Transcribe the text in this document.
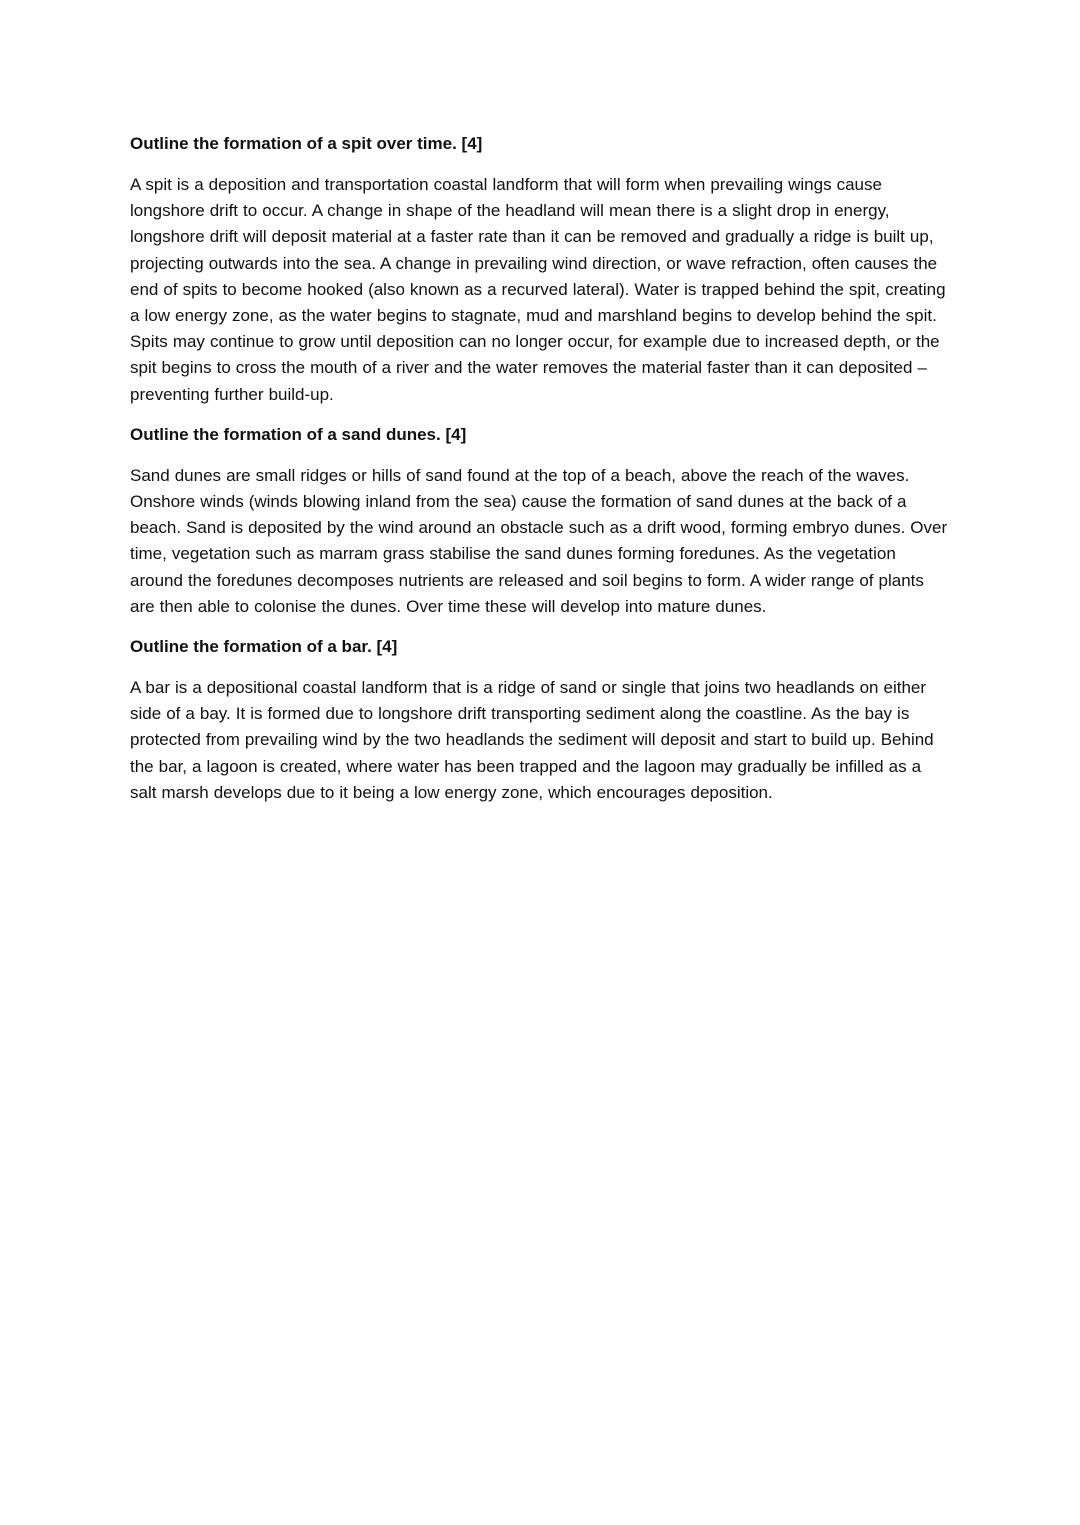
Outline the formation of a spit over time. [4]

A spit is a deposition and transportation coastal landform that will form when prevailing wings cause longshore drift to occur. A change in shape of the headland will mean there is a slight drop in energy, longshore drift will deposit material at a faster rate than it can be removed and gradually a ridge is built up, projecting outwards into the sea. A change in prevailing wind direction, or wave refraction, often causes the end of spits to become hooked (also known as a recurved lateral). Water is trapped behind the spit, creating a low energy zone, as the water begins to stagnate, mud and marshland begins to develop behind the spit. Spits may continue to grow until deposition can no longer occur, for example due to increased depth, or the spit begins to cross the mouth of a river and the water removes the material faster than it can deposited – preventing further build-up.

Outline the formation of a sand dunes. [4]

Sand dunes are small ridges or hills of sand found at the top of a beach, above the reach of the waves. Onshore winds (winds blowing inland from the sea) cause the formation of sand dunes at the back of a beach. Sand is deposited by the wind around an obstacle such as a drift wood, forming embryo dunes. Over time, vegetation such as marram grass stabilise the sand dunes forming foredunes. As the vegetation around the foredunes decomposes nutrients are released and soil begins to form. A wider range of plants are then able to colonise the dunes. Over time these will develop into mature dunes.

Outline the formation of a bar. [4]

A bar is a depositional coastal landform that is a ridge of sand or single that joins two headlands on either side of a bay. It is formed due to longshore drift transporting sediment along the coastline. As the bay is protected from prevailing wind by the two headlands the sediment will deposit and start to build up. Behind the bar, a lagoon is created, where water has been trapped and the lagoon may gradually be infilled as a salt marsh develops due to it being a low energy zone, which encourages deposition.
